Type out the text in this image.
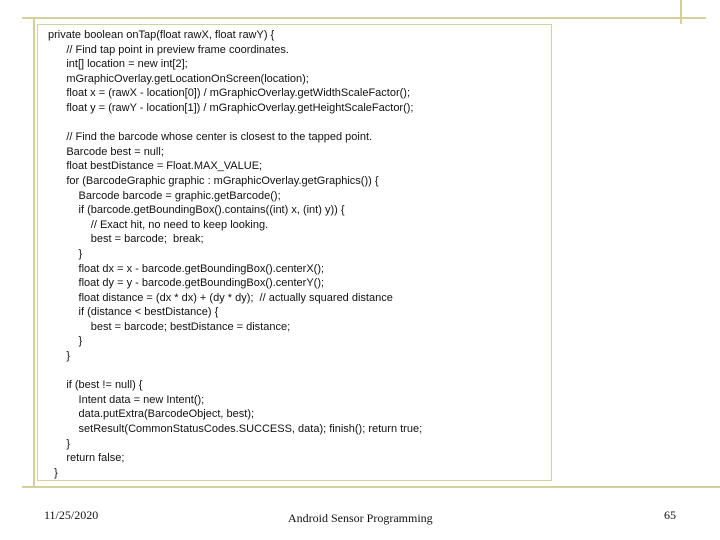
private boolean onTap(float rawX, float rawY) {
// Find tap point in preview frame coordinates.
int[] location = new int[2];
mGraphicOverlay.getLocationOnScreen(location);
float x = (rawX - location[0]) / mGraphicOverlay.getWidthScaleFactor();
float y = (rawY - location[1]) / mGraphicOverlay.getHeightScaleFactor();
// Find the barcode whose center is closest to the tapped point.
Barcode best = null;
float bestDistance = Float.MAX_VALUE;
for (BarcodeGraphic graphic : mGraphicOverlay.getGraphics()) {
Barcode barcode = graphic.getBarcode();
if (barcode.getBoundingBox().contains((int) x, (int) y)) {
// Exact hit, no need to keep looking.
best = barcode;  break;
}
float dx = x - barcode.getBoundingBox().centerX();
float dy = y - barcode.getBoundingBox().centerY();
float distance = (dx * dx) + (dy * dy);  // actually squared distance
if (distance < bestDistance) {
best = barcode; bestDistance = distance;
}
}
if (best != null) {
Intent data = new Intent();
data.putExtra(BarcodeObject, best);
setResult(CommonStatusCodes.SUCCESS, data); finish(); return true;
}
return false;
}
11/25/2020	Android Sensor Programming	65
